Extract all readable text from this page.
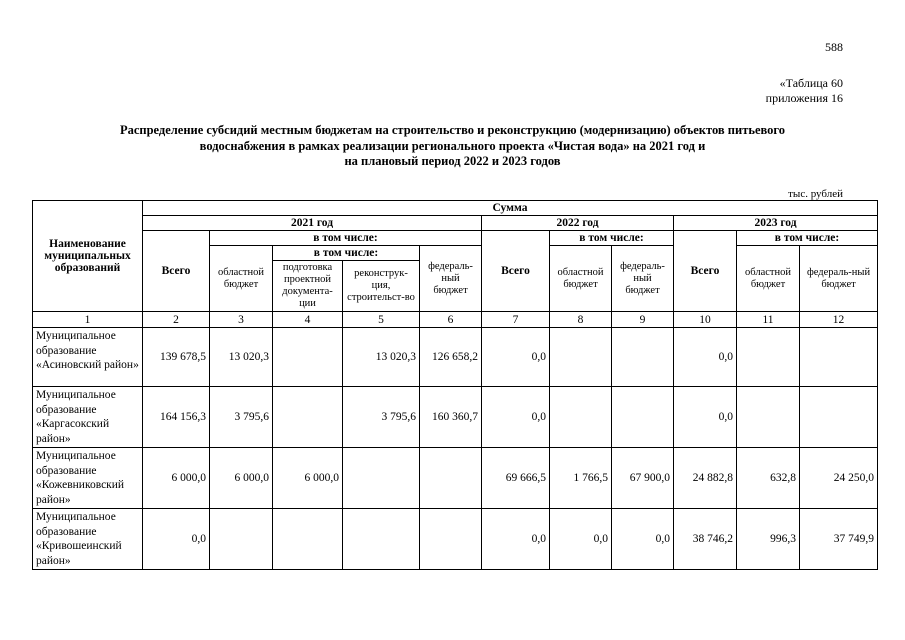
588
«Таблица 60
приложения 16
Распределение субсидий местным бюджетам на строительство и реконструкцию (модернизацию) объектов питьевого
водоснабжения в рамках реализации регионального проекта «Чистая вода» на 2021 год и
на плановый период 2022 и 2023 годов
тыс. рублей
Наименование муниципальных образований	Сумма										
	2021 год					2022 год			2023 год		
	Всего	в том числе:				Всего	в том числе:		Всего	в том числе:	
		областной бюджет	в том числе:		федераль-ный бюджет		областной бюджет	федераль-ный бюджет		областной бюджет	федераль-ный бюджет
			подготовка проектной документа-ции	реконструк-ция, строительст-во							
1	2	3	4	5	6	7	8	9	10	11	12
Муниципальное образование «Асиновский район»	139 678,5	13 020,3		13 020,3	126 658,2	0,0			0,0		
Муниципальное образование «Каргасокский район»	164 156,3	3 795,6		3 795,6	160 360,7	0,0			0,0		
Муниципальное образование «Кожевниковский район»	6 000,0	6 000,0	6 000,0			69 666,5	1 766,5	67 900,0	24 882,8	632,8	24 250,0
Муниципальное образование «Кривошеинский район»	0,0					0,0	0,0	0,0	38 746,2	996,3	37 749,9
